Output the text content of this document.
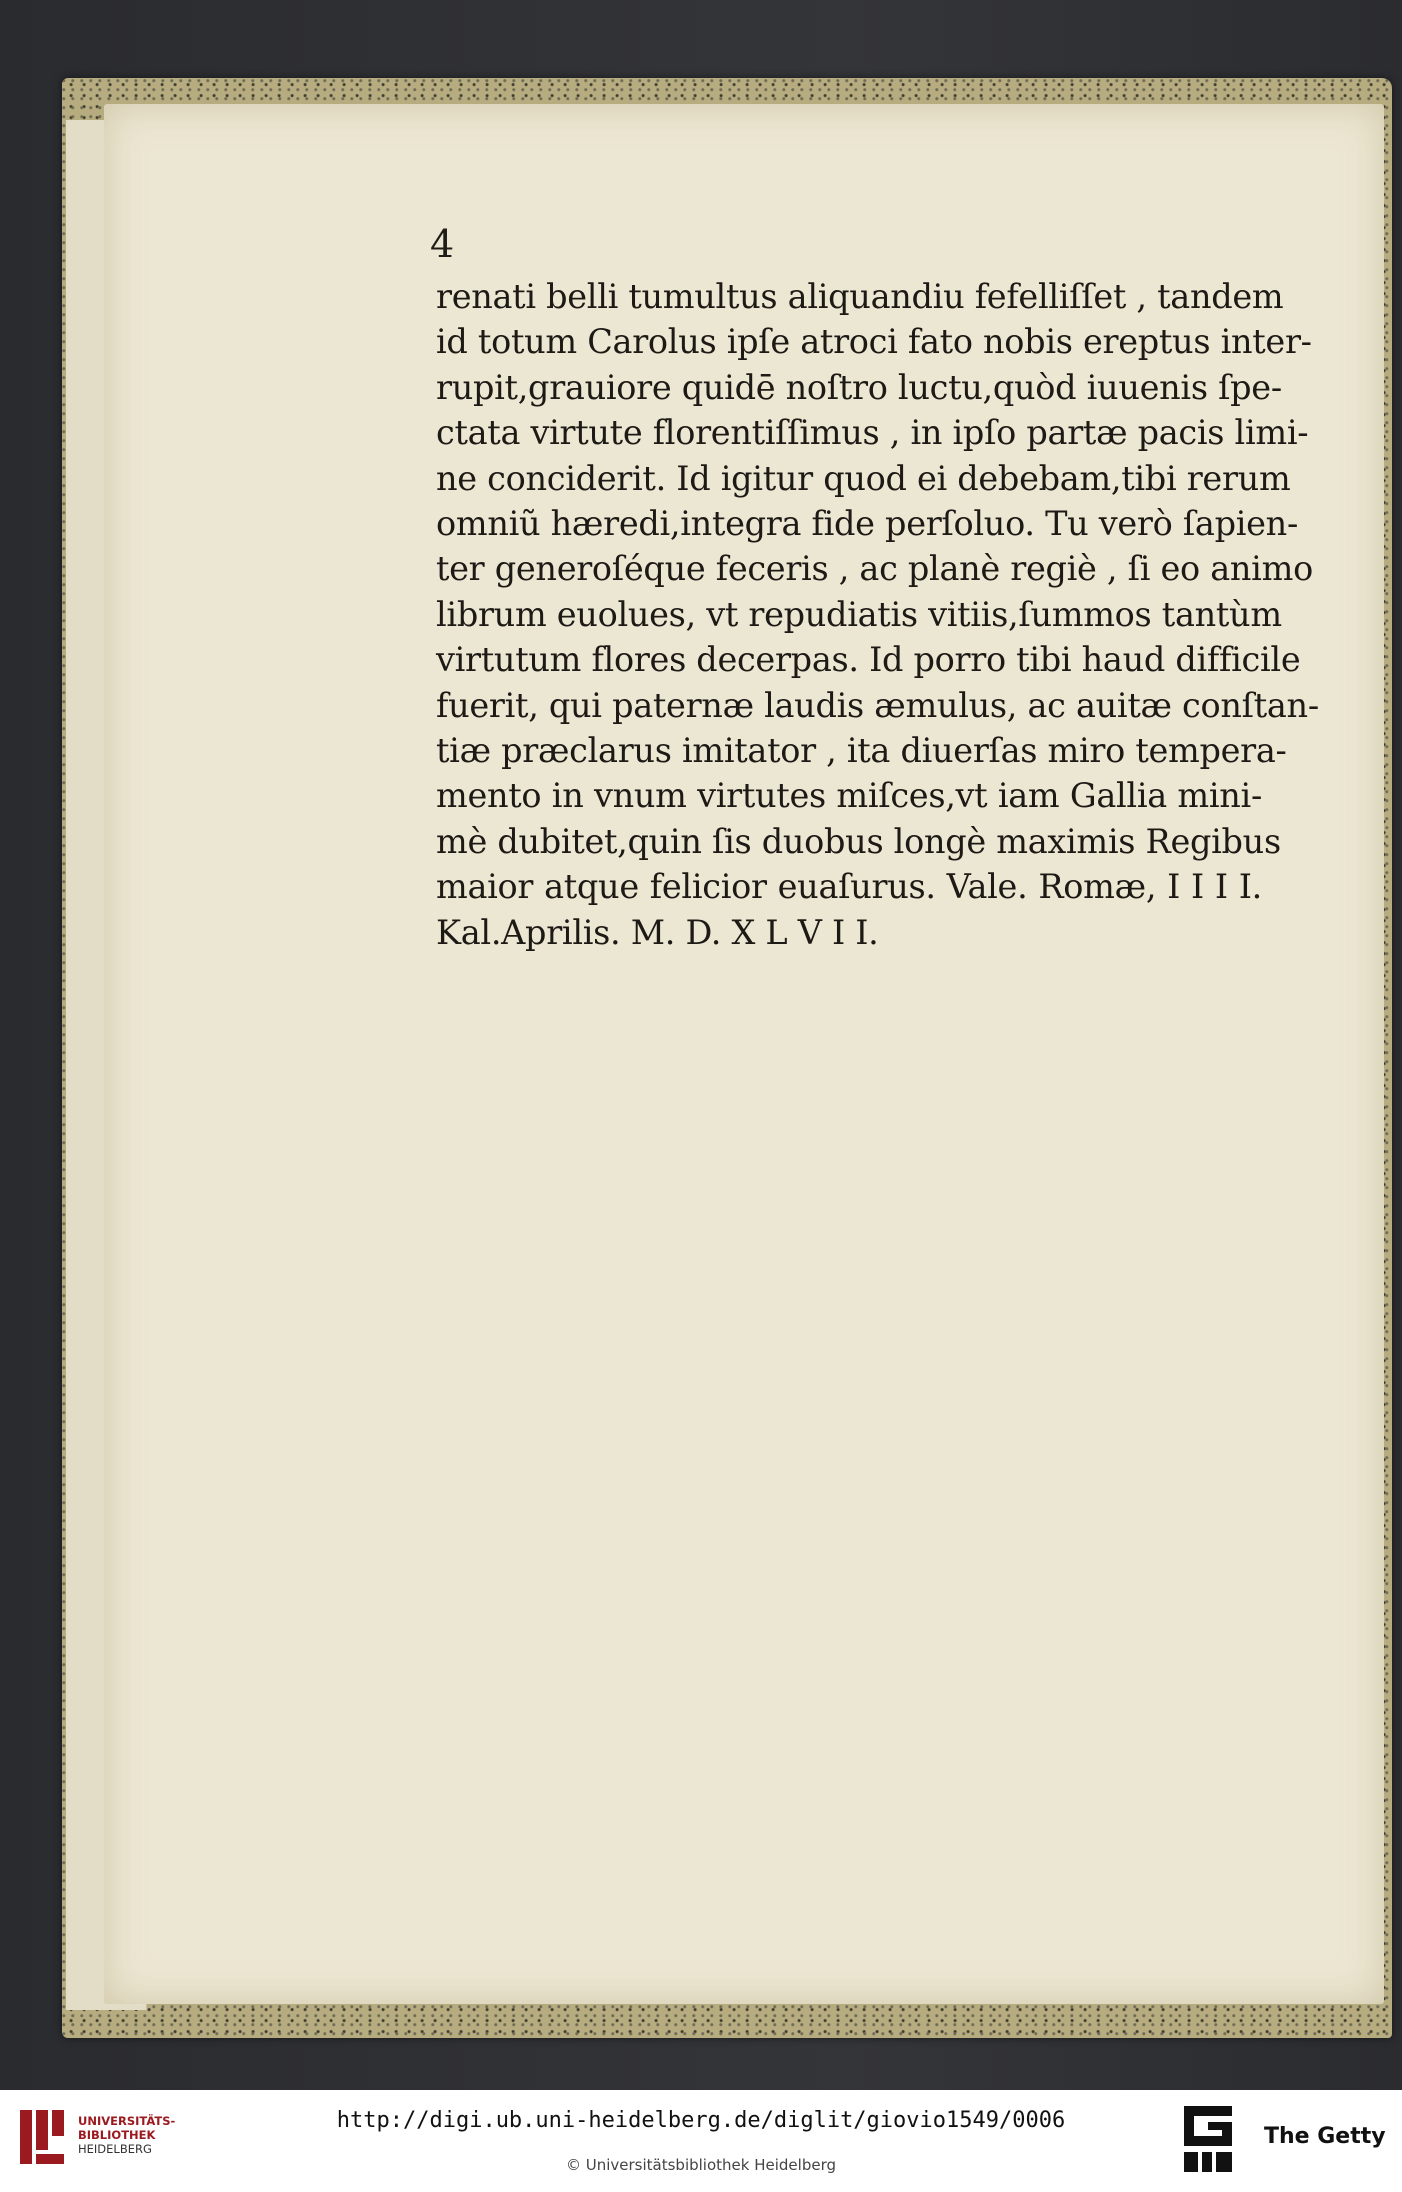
4
renati belli tumultus aliquandiu fefelliſſet , tandem
id totum Carolus ipſe atroci fato nobis ereptus inter-
rupit,grauiore quidē noſtro luctu,quòd iuuenis ſpe-
ctata virtute florentiſſimus , in ipſo partæ pacis limi-
ne conciderit. Id igitur quod ei debebam,tibi rerum
omniũ hæredi,integra fide perſoluo. Tu verò ſapien-
ter generoſéque feceris , ac planè regiè , ſi eo animo
librum euolues, vt repudiatis vitiis,ſummos tantùm
virtutum flores decerpas. Id porro tibi haud difficile
fuerit, qui paternæ laudis æmulus, ac auitæ conſtan-
tiæ præclarus imitator , ita diuerſas miro tempera-
mento in vnum virtutes miſces,vt iam Gallia mini-
mè dubitet,quin ſis duobus longè maximis Regibus
maior atque felicior euaſurus. Vale. Romæ, I I I I.
Kal.Aprilis. M. D. X L V I I.
UNIVERSITÄTS-
BIBLIOTHEK
HEIDELBERG
http://digi.ub.uni-heidelberg.de/diglit/giovio1549/0006
© Universitätsbibliothek Heidelberg
The Getty
